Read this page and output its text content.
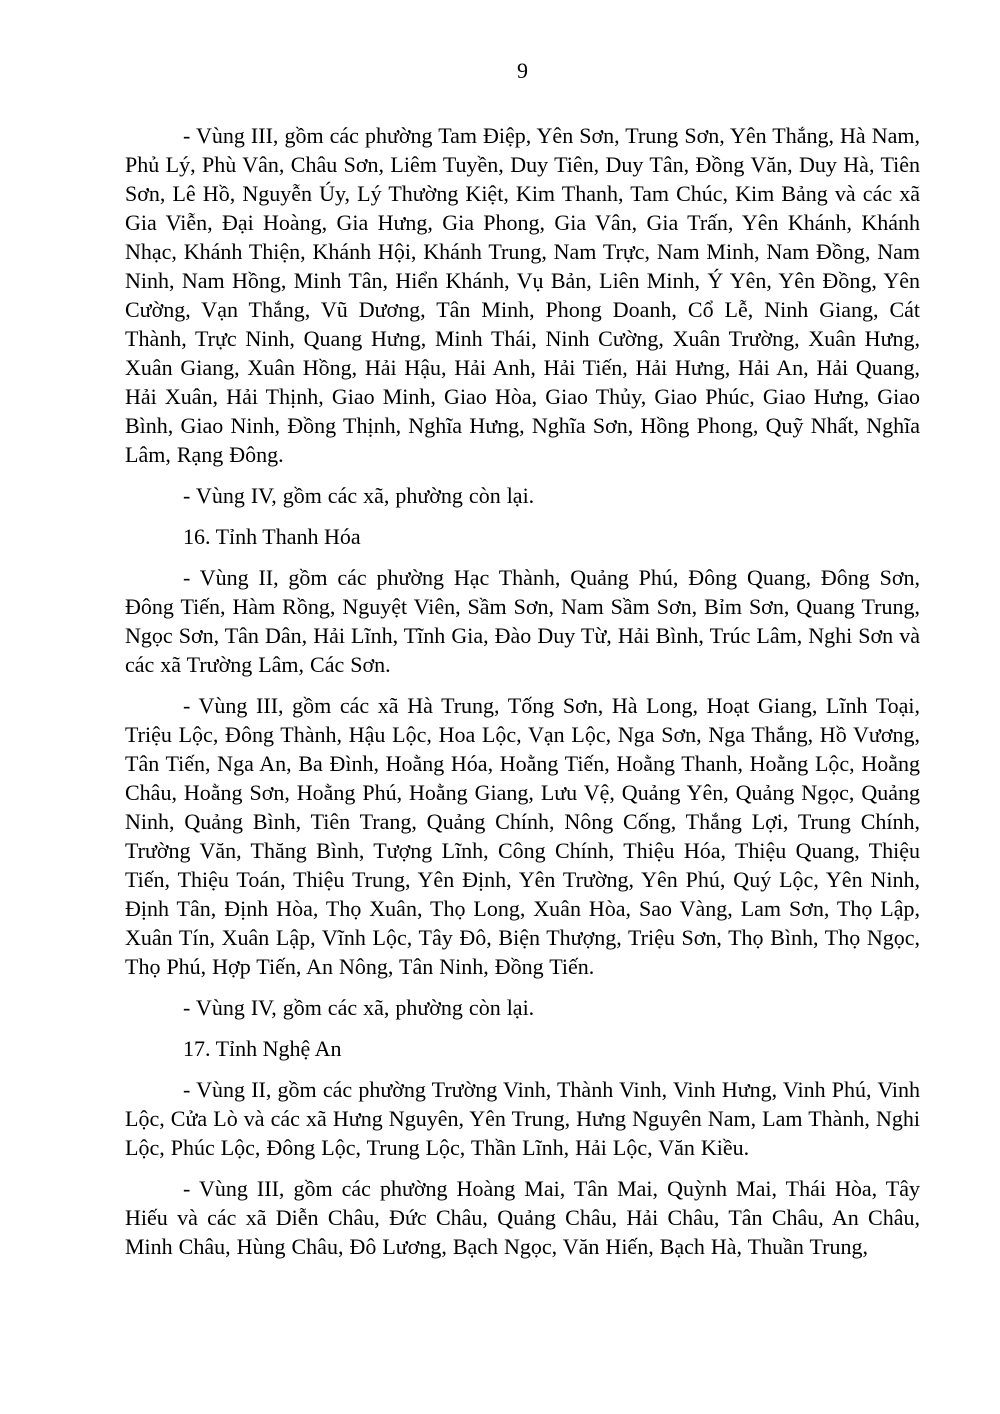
9

- Vùng III, gồm các phường Tam Điệp, Yên Sơn, Trung Sơn, Yên Thắng, Hà Nam, Phủ Lý, Phù Vân, Châu Sơn, Liêm Tuyền, Duy Tiên, Duy Tân, Đồng Văn, Duy Hà, Tiên Sơn, Lê Hồ, Nguyễn Úy, Lý Thường Kiệt, Kim Thanh, Tam Chúc, Kim Bảng và các xã Gia Viễn, Đại Hoàng, Gia Hưng, Gia Phong, Gia Vân, Gia Trấn, Yên Khánh, Khánh Nhạc, Khánh Thiện, Khánh Hội, Khánh Trung, Nam Trực, Nam Minh, Nam Đồng, Nam Ninh, Nam Hồng, Minh Tân, Hiển Khánh, Vụ Bản, Liên Minh, Ý Yên, Yên Đồng, Yên Cường, Vạn Thắng, Vũ Dương, Tân Minh, Phong Doanh, Cổ Lễ, Ninh Giang, Cát Thành, Trực Ninh, Quang Hưng, Minh Thái, Ninh Cường, Xuân Trường, Xuân Hưng, Xuân Giang, Xuân Hồng, Hải Hậu, Hải Anh, Hải Tiến, Hải Hưng, Hải An, Hải Quang, Hải Xuân, Hải Thịnh, Giao Minh, Giao Hòa, Giao Thủy, Giao Phúc, Giao Hưng, Giao Bình, Giao Ninh, Đồng Thịnh, Nghĩa Hưng, Nghĩa Sơn, Hồng Phong, Quỹ Nhất, Nghĩa Lâm, Rạng Đông.

- Vùng IV, gồm các xã, phường còn lại.

16. Tỉnh Thanh Hóa

- Vùng II, gồm các phường Hạc Thành, Quảng Phú, Đông Quang, Đông Sơn, Đông Tiến, Hàm Rồng, Nguyệt Viên, Sầm Sơn, Nam Sầm Sơn, Bỉm Sơn, Quang Trung, Ngọc Sơn, Tân Dân, Hải Lĩnh, Tĩnh Gia, Đào Duy Từ, Hải Bình, Trúc Lâm, Nghi Sơn và các xã Trường Lâm, Các Sơn.

- Vùng III, gồm các xã Hà Trung, Tống Sơn, Hà Long, Hoạt Giang, Lĩnh Toại, Triệu Lộc, Đông Thành, Hậu Lộc, Hoa Lộc, Vạn Lộc, Nga Sơn, Nga Thắng, Hồ Vương, Tân Tiến, Nga An, Ba Đình, Hoằng Hóa, Hoằng Tiến, Hoằng Thanh, Hoằng Lộc, Hoằng Châu, Hoằng Sơn, Hoằng Phú, Hoằng Giang, Lưu Vệ, Quảng Yên, Quảng Ngọc, Quảng Ninh, Quảng Bình, Tiên Trang, Quảng Chính, Nông Cống, Thắng Lợi, Trung Chính, Trường Văn, Thăng Bình, Tượng Lĩnh, Công Chính, Thiệu Hóa, Thiệu Quang, Thiệu Tiến, Thiệu Toán, Thiệu Trung, Yên Định, Yên Trường, Yên Phú, Quý Lộc, Yên Ninh, Định Tân, Định Hòa, Thọ Xuân, Thọ Long, Xuân Hòa, Sao Vàng, Lam Sơn, Thọ Lập, Xuân Tín, Xuân Lập, Vĩnh Lộc, Tây Đô, Biện Thượng, Triệu Sơn, Thọ Bình, Thọ Ngọc, Thọ Phú, Hợp Tiến, An Nông, Tân Ninh, Đồng Tiến.

- Vùng IV, gồm các xã, phường còn lại.

17. Tỉnh Nghệ An

- Vùng II, gồm các phường Trường Vinh, Thành Vinh, Vinh Hưng, Vinh Phú, Vinh Lộc, Cửa Lò và các xã Hưng Nguyên, Yên Trung, Hưng Nguyên Nam, Lam Thành, Nghi Lộc, Phúc Lộc, Đông Lộc, Trung Lộc, Thần Lĩnh, Hải Lộc, Văn Kiều.

- Vùng III, gồm các phường Hoàng Mai, Tân Mai, Quỳnh Mai, Thái Hòa, Tây Hiếu và các xã Diễn Châu, Đức Châu, Quảng Châu, Hải Châu, Tân Châu, An Châu, Minh Châu, Hùng Châu, Đô Lương, Bạch Ngọc, Văn Hiến, Bạch Hà, Thuần Trung,
